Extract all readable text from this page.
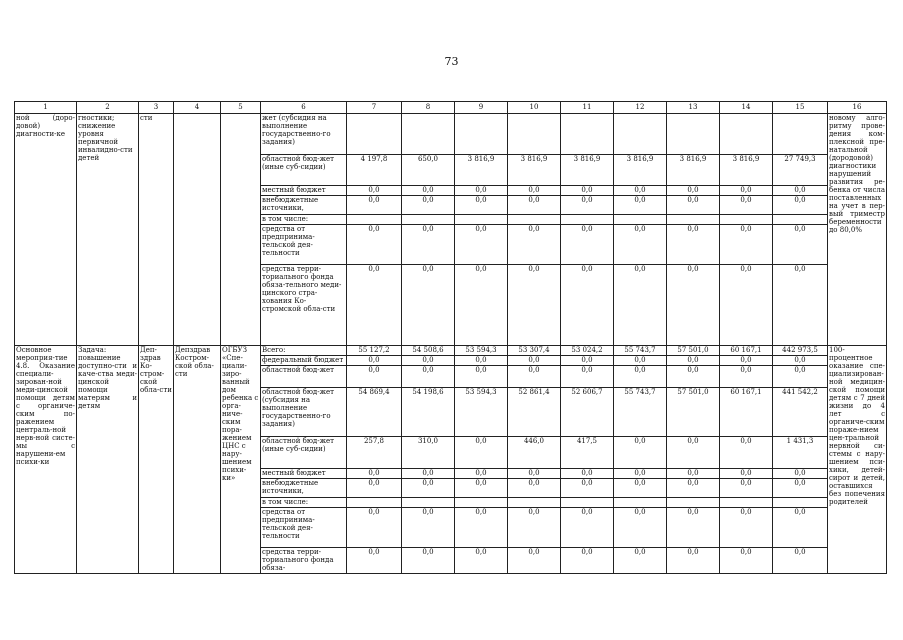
73
1	2	3	4	5	6	7	8	9	10	11	12	13	14	15	16
ной (доро-довой) диагности-ке	гностики; снижение уровня первичной инвалидно-сти детей	сти			жет (субсидия на выполнение государственно-го задания)										новому алго-ритму прове-дения ком-плексной пре-натальной (дородовой) диагностики нарушений развития ре-бенка от числа поставленных на учет в пер-вый триместр беременности до 80,0%
					областной бюд-жет (иные суб-сидии)	4 197,8	650,0	3 816,9	3 816,9	3 816,9	3 816,9	3 816,9	3 816,9	27 749,3	
					местный бюджет	0,0	0,0	0,0	0,0	0,0	0,0	0,0	0,0	0,0	
					внебюджетные источники,	0,0	0,0	0,0	0,0	0,0	0,0	0,0	0,0	0,0	
					в том числе:										
					средства от предпринима-тельской дея-тельности	0,0	0,0	0,0	0,0	0,0	0,0	0,0	0,0	0,0	
					средства терри-ториального фонда обяза-тельного меди-цинского стра-хования Ко-стромской обла-сти	0,0	0,0	0,0	0,0	0,0	0,0	0,0	0,0	0,0	
Основное мероприя-тие 4.8. Оказание специали-зирован-ной меди-цинской помощи детям с органиче-ским по-ражением централь-ной нерв-ной систе-мы с нарушени-ем психи-ки	Задача: повышение доступно-сти и каче-ства меди-цинской помощи матерям и детям	Деп-здрав Ко-стром-ской обла-сти	Депздрав Костром-ской обла-сти	ОГБУЗ «Спе-циали-зиро-ванный дом ребенка с орга-ниче-ским пора-жением ЦНС с нару-шением психи-ки»	Всего:	55 127,2	54 508,6	53 594,3	53 307,4	53 024,2	55 743,7	57 501,0	60 167,1	442 973,5	100-процентное оказание спе-циализирован-ной медицин-ской помощи детям с 7 дней жизни до 4 лет с органиче-ским пораже-нием цен-тральной нервной си-стемы с нару-шением пси-хики, детей-сирот и детей, оставшихся без попечения родителей
					федеральный бюджет	0,0	0,0	0,0	0,0	0,0	0,0	0,0	0,0	0,0	
					областной бюд-жет	0,0	0,0	0,0	0,0	0,0	0,0	0,0	0,0	0,0	
					областной бюд-жет (субсидия на выполнение государственно-го задания)	54 869,4	54 198,6	53 594,3	52 861,4	52 606,7	55 743,7	57 501,0	60 167,1	441 542,2	
					областной бюд-жет (иные суб-сидии)	257,8	310,0	0,0	446,0	417,5	0,0	0,0	0,0	1 431,3	
					местный бюджет	0,0	0,0	0,0	0,0	0,0	0,0	0,0	0,0	0,0	
					внебюджетные источники,	0,0	0,0	0,0	0,0	0,0	0,0	0,0	0,0	0,0	
					в том числе:										
					средства от предпринима-тельской дея-тельности	0,0	0,0	0,0	0,0	0,0	0,0	0,0	0,0	0,0	
					средства терри-ториального фонда обяза-	0,0	0,0	0,0	0,0	0,0	0,0	0,0	0,0	0,0	
